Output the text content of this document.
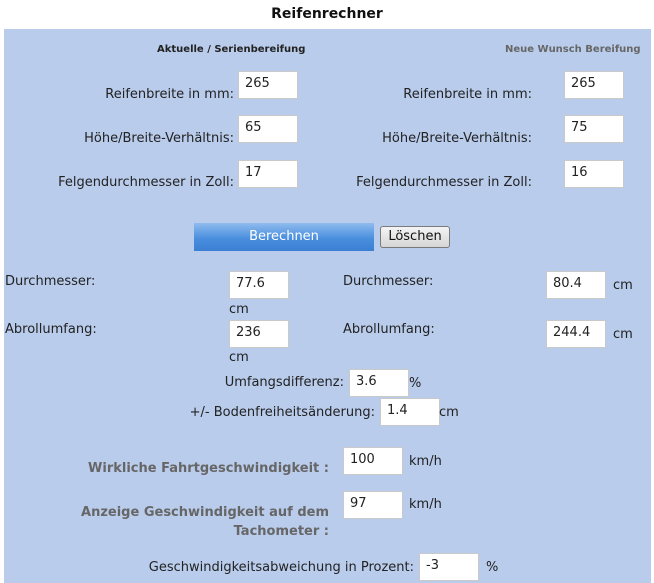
Reifenrechner
Aktuelle / Serienbereifung	Neue Wunsch Bereifung
Reifenbreite in mm:
265
Höhe/Breite-Verhältnis:
65
Felgendurchmesser in Zoll:
17
Reifenbreite in mm:
265
Höhe/Breite-Verhältnis:
75
Felgendurchmesser in Zoll:
16
Berechnen	Löschen
Durchmesser:	77.6
cm
Durchmesser:	80.4	cm
Abrollumfang:	236
cm
Abrollumfang:	244.4	cm
Umfangsdifferenz: 3.6	%
+/- Bodenfreiheitsänderung: 1.4	cm
Wirkliche Fahrtgeschwindigkeit :
100	km/h
Anzeige Geschwindigkeit auf dem
Tachometer :
97	km/h
Geschwindigkeitsabweichung in Prozent: -3	%
